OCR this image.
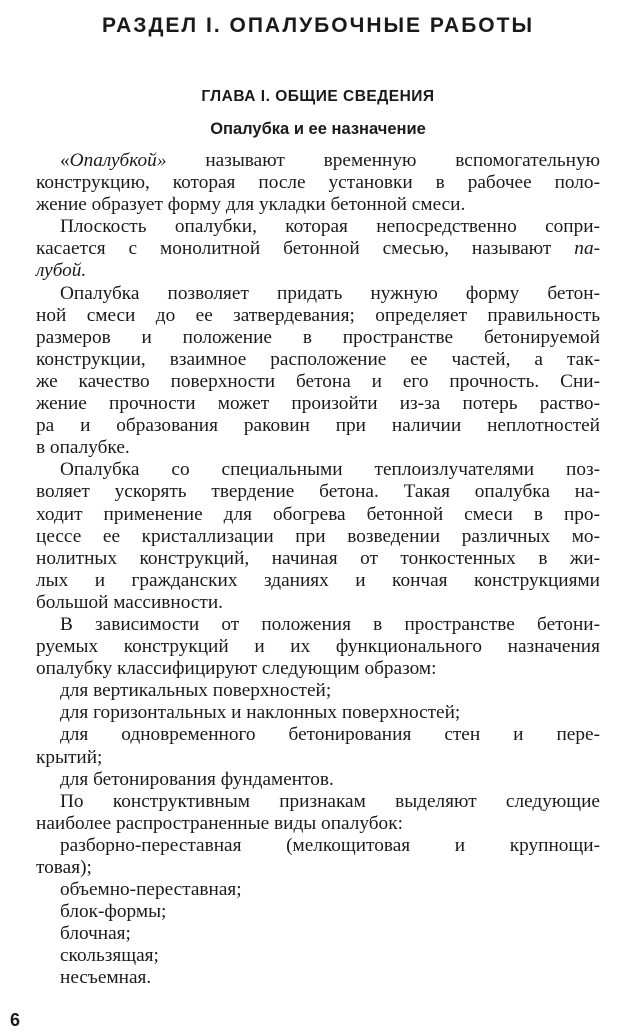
РАЗДЕЛ I. ОПАЛУБОЧНЫЕ РАБОТЫ
ГЛАВА I. ОБЩИЕ СВЕДЕНИЯ
Опалубка и ее назначение
«Опалубкой» называют временную вспомогательную
конструкцию, которая после установки в рабочее поло-
жение образует форму для укладки бетонной смеси.
Плоскость опалубки, которая непосредственно сопри-
касается с монолитной бетонной смесью, называют па-
лубой.
Опалубка позволяет придать нужную форму бетон-
ной смеси до ее затвердевания; определяет правильность
размеров и положение в пространстве бетонируемой
конструкции, взаимное расположение ее частей, а так-
же качество поверхности бетона и его прочность. Сни-
жение прочности может произойти из-за потерь раство-
ра и образования раковин при наличии неплотностей
в опалубке.
Опалубка со специальными теплоизлучателями поз-
воляет ускорять твердение бетона. Такая опалубка на-
ходит применение для обогрева бетонной смеси в про-
цессе ее кристаллизации при возведении различных мо-
нолитных конструкций, начиная от тонкостенных в жи-
лых и гражданских зданиях и кончая конструкциями
большой массивности.
В зависимости от положения в пространстве бетони-
руемых конструкций и их функционального назначения
опалубку классифицируют следующим образом:
для вертикальных поверхностей;
для горизонтальных и наклонных поверхностей;
для одновременного бетонирования стен и пере-
крытий;
для бетонирования фундаментов.
По конструктивным признакам выделяют следующие
наиболее распространенные виды опалубок:
разборно-переставная (мелкощитовая и крупнощи-
товая);
объемно-переставная;
блок-формы;
блочная;
скользящая;
несъемная.
6
